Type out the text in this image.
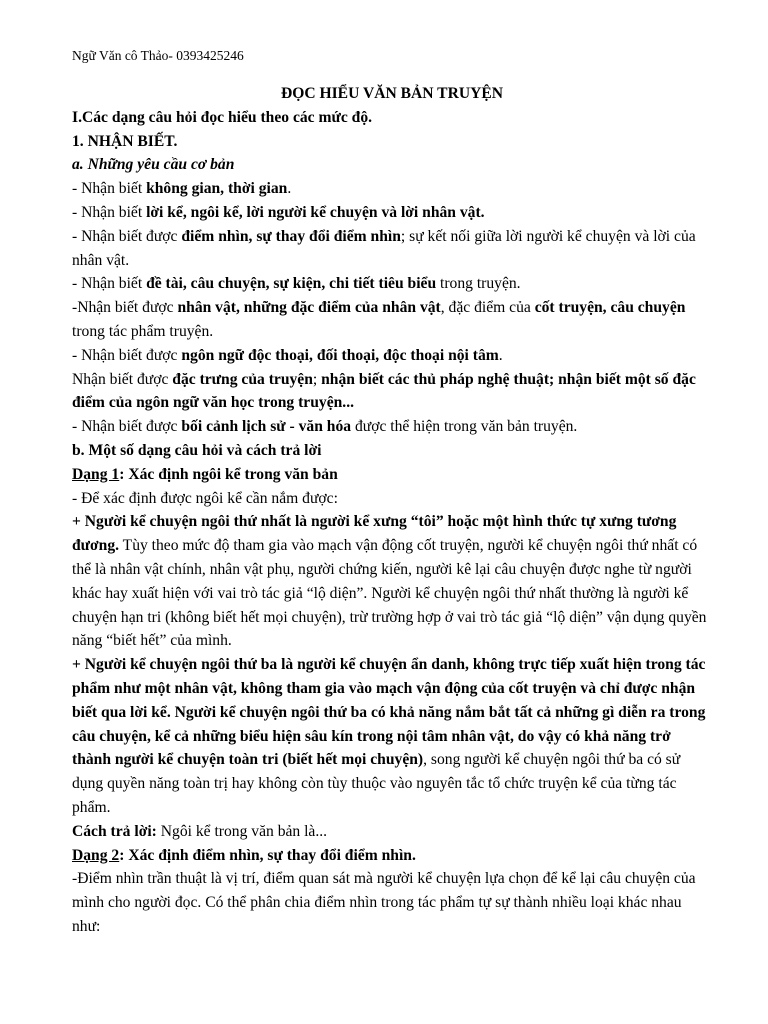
Ngữ Văn cô Thảo- 0393425246

ĐỌC HIỂU VĂN BẢN TRUYỆN

I.Các dạng câu hỏi đọc hiểu theo các mức độ.

1. NHẬN BIẾT.

a. Những yêu cầu cơ bản

- Nhận biết không gian, thời gian.

- Nhận biết lời kể, ngôi kể, lời người kể chuyện và lời nhân vật.

- Nhận biết được điểm nhìn, sự thay đổi điểm nhìn; sự kết nối giữa lời người kể chuyện và lời của nhân vật.

- Nhận biết đề tài, câu chuyện, sự kiện, chi tiết tiêu biểu trong truyện.

-Nhận biết được nhân vật, những đặc điểm của nhân vật, đặc điểm của cốt truyện, câu chuyện trong tác phẩm truyện.

- Nhận biết được ngôn ngữ độc thoại, đối thoại, độc thoại nội tâm.

Nhận biết được đặc trưng của truyện; nhận biết các thủ pháp nghệ thuật; nhận biết một số đặc điểm của ngôn ngữ văn học trong truyện...

- Nhận biết được bối cảnh lịch sử - văn hóa được thể hiện trong văn bản truyện.

b. Một số dạng câu hỏi và cách trả lời

Dạng 1: Xác định ngôi kể trong văn bản

- Để xác định được ngôi kể cần nắm được:

+ Người kể chuyện ngôi thứ nhất là người kể xưng “tôi” hoặc một hình thức tự xưng tương đương. Tùy theo mức độ tham gia vào mạch vận động cốt truyện, người kể chuyện ngôi thứ nhất có thể là nhân vật chính, nhân vật phụ, người chứng kiến, người kê lại câu chuyện được nghe từ người khác hay xuất hiện với vai trò tác giả “lộ diện”. Người kể chuyện ngôi thứ nhất thường là người kể chuyện hạn tri (không biết hết mọi chuyện), trừ trường hợp ở vai trò tác giả “lộ diện” vận dụng quyền năng “biết hết” của mình.

+ Người kể chuyện ngôi thứ ba là người kể chuyện ẩn danh, không trực tiếp xuất hiện trong tác phẩm như một nhân vật, không tham gia vào mạch vận động của cốt truyện và chỉ được nhận biết qua lời kể. Người kể chuyện ngôi thứ ba có khả năng nắm bắt tất cả những gì diễn ra trong câu chuyện, kể cả những biểu hiện sâu kín trong nội tâm nhân vật, do vậy có khả năng trở thành người kể chuyện toàn tri (biết hết mọi chuyện), song người kể chuyện ngôi thứ ba có sử dụng quyền năng toàn trị hay không còn tùy thuộc vào nguyên tắc tổ chức truyện kể của từng tác phẩm.

Cách trả lời: Ngôi kể trong văn bản là...

Dạng 2: Xác định điểm nhìn, sự thay đổi điểm nhìn.

-Điểm nhìn trần thuật là vị trí, điểm quan sát mà người kể chuyện lựa chọn để kể lại câu chuyện của mình cho người đọc. Có thể phân chia điểm nhìn trong tác phẩm tự sự thành nhiều loại khác nhau như:
